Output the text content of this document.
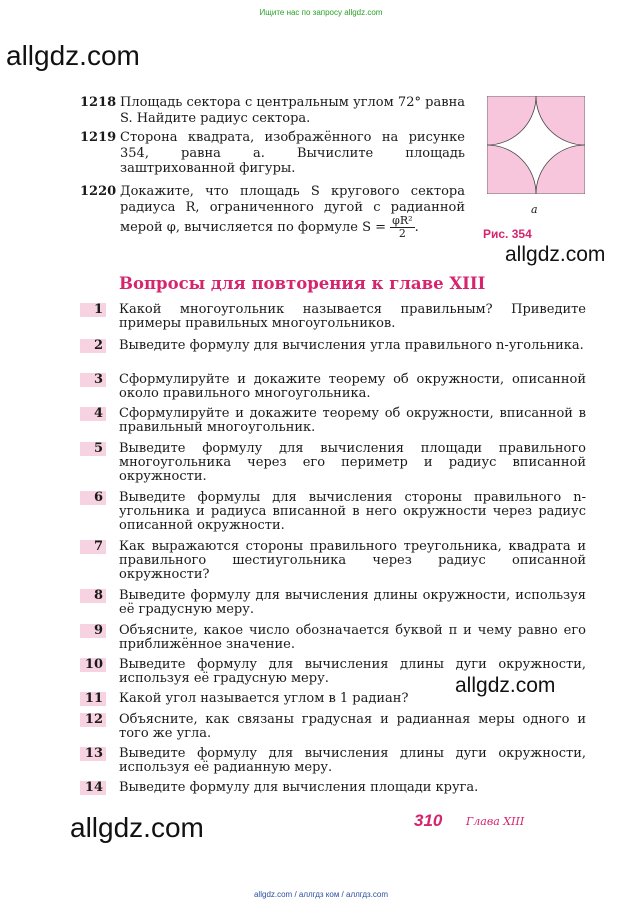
Ищите нас по запросу allgdz.com
allgdz.com
allgdz.com
allgdz.com
allgdz.com
1218 Площадь сектора с центральным углом 72° равна S. Найдите радиус сектора.
1219 Сторона квадрата, изображённого на рисунке 354, равна a. Вычислите площадь заштрихованной фигуры.
1220 Докажите, что площадь S кругового сектора радиуса R, ограниченного дугой с радианной мерой φ, вычисляется по формуле $S = \frac{\text{φR²}}{2}$ .
a
Рис. 354
Вопросы для повторения к главе XIII
1 Какой многоугольник называется правильным? Приведите примеры правильных многоугольников.
2 Выведите формулу для вычисления угла правильного n-угольника.
3 Сформулируйте и докажите теорему об окружности, описанной около правильного многоугольника.
4 Сформулируйте и докажите теорему об окружности, вписанной в правильный многоугольник.
5 Выведите формулу для вычисления площади правильного многоугольника через его периметр и радиус вписанной окружности.
6 Выведите формулы для вычисления стороны правильного n-угольника и радиуса вписанной в него окружности через радиус описанной окружности.
7 Как выражаются стороны правильного треугольника, квадрата и правильного шестиугольника через радиус описанной окружности?
8 Выведите формулу для вычисления длины окружности, используя её градусную меру.
9 Объясните, какое число обозначается буквой π и чему равно его приближённое значение.
10 Выведите формулу для вычисления длины дуги окружности, используя её градусную меру.
11 Какой угол называется углом в 1 радиан?
12 Объясните, как связаны градусная и радианная меры одного и того же угла.
13 Выведите формулу для вычисления длины дуги окружности, используя её радианную меру.
14 Выведите формулу для вычисления площади круга.
310 Глава XIII
allgdz.com / аллгдз ком / аллгдз.com
